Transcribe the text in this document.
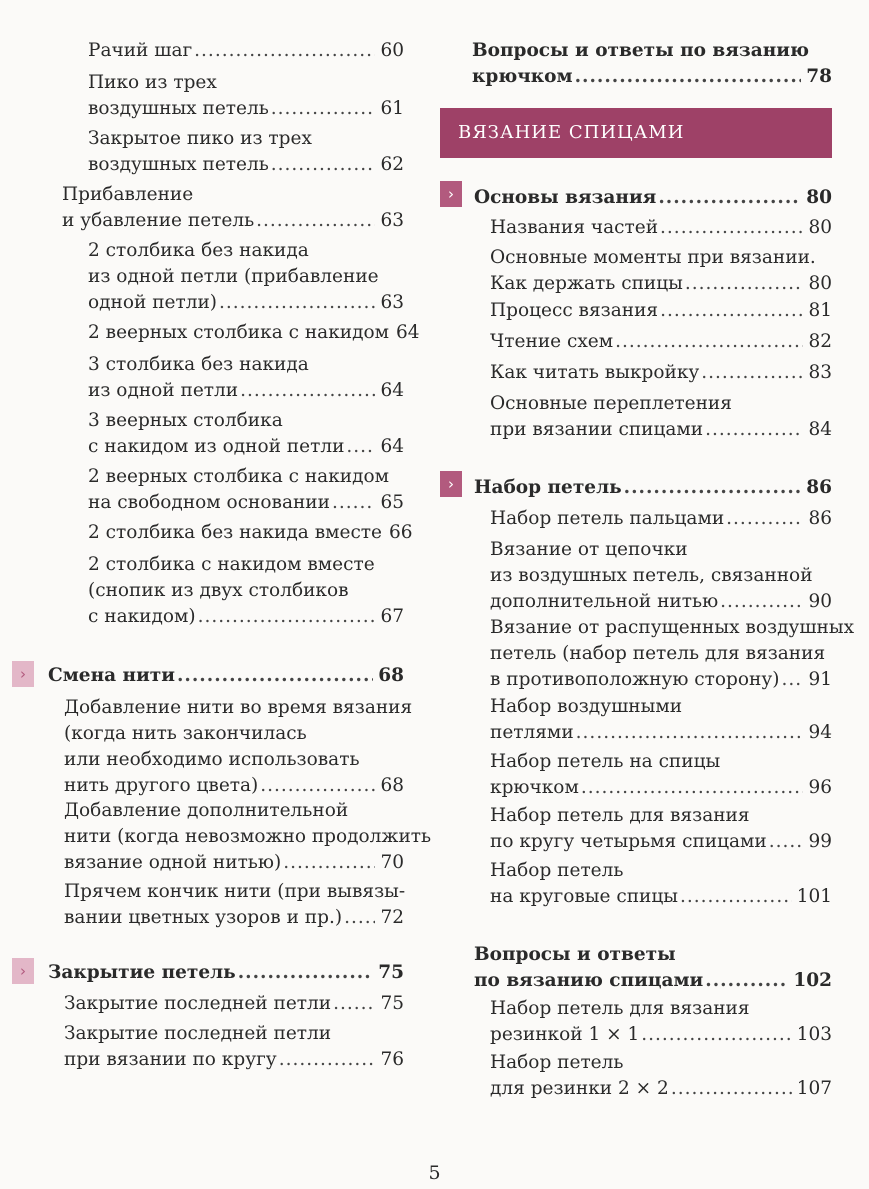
Рачий шаг .....	60
Пико из трех
воздушных петель .....	61
Закрытое пико из трех
воздушных петель .....	62
Прибавление
и убавление петель .....	63
2 столбика без накида
из одной петли (прибавление
одной петли) .....	63
2 веерных столбика с накидом 64
3 столбика без накида
из одной петли .....	64
3 веерных столбика
с накидом из одной петли ..... 64
2 веерных столбика с накидом
на свободном основании .....	65
2 столбика без накида вместе 66
2 столбика с накидом вместе
(снопик из двух столбиков
с накидом) .....	67
›	Смена нити .....	68
Добавление нити во время вязания
(когда нить закончилась
или необходимо использовать
нить другого цвета) .....	68
Добавление дополнительной
нити (когда невозможно продолжить
вязание одной нитью) .....	70
Прячем кончик нити (при вывязы-
вании цветных узоров и пр.) ..... 72
›	Закрытие петель .....	75
Закрытие последней петли .....	75
Закрытие последней петли
при вязании по кругу .....	76
Вопросы и ответы по вязанию
крючком .....	78
›	Основы вязания .....	80
Названия частей .....	80
Основные моменты при вязании.
Как держать спицы .....	80
Процесс вязания .....	81
Чтение схем .....	82
Как читать выкройку .....	83
Основные переплетения
при вязании спицами .....	84
›	Набор петель .....	86
Набор петель пальцами .....	86
Вязание от цепочки
из воздушных петель, связанной
дополнительной нитью .....	90
Вязание от распущенных воздушных
петель (набор петель для вязания
в противоположную сторону) ..... 91
Набор воздушными
петлями .....	94
Набор петель на спицы
крючком .....	96
Набор петель для вязания
по кругу четырьмя спицами ..... 99
Набор петель
на круговые спицы .....	101
Вопросы и ответы
по вязанию спицами .....	102
Набор петель для вязания
резинкой 1 × 1 .....	103
Набор петель
для резинки 2 × 2 .....	107
ВЯЗАНИЕ СПИЦАМИ
5
